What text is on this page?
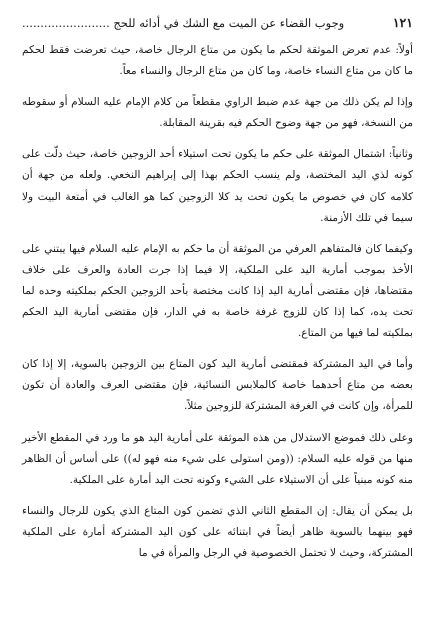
١٢١
وجوب القضاء عن الميت مع الشك في أدائه للحج ........................

أولاً: عدم تعرض الموثقة لحكم ما يكون من متاع الرجال خاصة، حيث تعرضت فقط لحكم ما كان من متاع النساء خاصة، وما كان من متاع الرجال والنساء معاً.

وإذا لم يكن ذلك من جهة عدم ضبط الراوي مقطعاً من كلام الإمام عليه السلام أو سقوطه من النسخة، فهو من جهة وضوح الحكم فيه بقرينة المقابلة.

وثانياً: اشتمال الموثقة على حكم ما يكون تحت استيلاء أحد الزوجين خاصة، حيث دلّت على كونه لذي اليد المختصة، ولم ينسب الحكم بهذا إلى إبراهيم النخعي. ولعله من جهة أن كلامه كان في خصوص ما يكون تحت يد كلا الزوجين كما هو الغالب في أمتعة البيت ولا سيما في تلك الأزمنة.

وكيفما كان فالمتفاهم العرفي من الموثقة أن ما حكم به الإمام عليه السلام فيها يبتني على الأخذ بموجب أمارية اليد على الملكية، إلا فيما إذا جرت العادة والعرف على خلاف مقتضاها، فإن مقتضى أمارية اليد إذا كانت مختصة بأحد الزوجين الحكم بملكيته وحده لما تحت يده، كما إذا كان للزوج غرفة خاصة به في الدار، فإن مقتضى أمارية اليد الحكم بملكيته لما فيها من المتاع.

وأما في اليد المشتركة فمقتضى أمارية اليد كون المتاع بين الزوجين بالسوية، إلا إذا كان بعضه من متاع أحدهما خاصة كالملابس النسائية، فإن مقتضى العرف والعادة أن تكون للمرأة، وإن كانت في الغرفة المشتركة للزوجين مثلاً.

وعلى ذلك فموضع الاستدلال من هذه الموثقة على أمارية اليد هو ما ورد في المقطع الأخير منها من قوله عليه السلام: ((ومن استولى على شيء منه فهو له)) على أساس أن الظاهر منه كونه مبنياً على أن الاستيلاء على الشيء وكونه تحت اليد أمارة على الملكية.

بل يمكن أن يقال: إن المقطع الثاني الذي تضمن كون المتاع الذي يكون للرجال والنساء فهو بينهما بالسوية ظاهر أيضاً في ابتنائه على كون اليد المشتركة أمارة على الملكية المشتركة، وحيث لا تحتمل الخصوصية في الرجل والمرأة في ما
